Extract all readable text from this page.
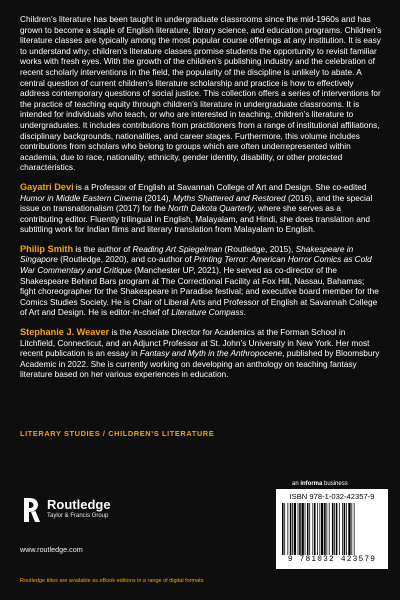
Children’s literature has been taught in undergraduate classrooms since the mid-1960s and has grown to become a staple of English literature, library science, and education programs. Children’s literature classes are typically among the most popular course offerings at any institution. It is easy to understand why; children’s literature classes promise students the opportunity to revisit familiar works with fresh eyes. With the growth of the children’s publishing industry and the celebration of recent scholarly interventions in the field, the popularity of the discipline is unlikely to abate. A central question of current children’s literature scholarship and practice is how to effectively address contemporary questions of social justice. This collection offers a series of interventions for the practice of teaching equity through children’s literature in undergraduate classrooms. It is intended for individuals who teach, or who are interested in teaching, children’s literature to undergraduates. It includes contributions from practitioners from a range of institutional affiliations, disciplinary backgrounds, nationalities, and career stages. Furthermore, this volume includes contributions from scholars who belong to groups which are often underrepresented within academia, due to race, nationality, ethnicity, gender identity, disability, or other protected characteristics.

Gayatri Devi is a Professor of English at Savannah College of Art and Design. She co-edited Humor in Middle Eastern Cinema (2014), Myths Shattered and Restored (2016), and the special issue on transnationalism (2017) for the North Dakota Quarterly, where she serves as a contributing editor. Fluently trilingual in English, Malayalam, and Hindi, she does translation and subtitling work for Indian films and literary translation from Malayalam to English.

Philip Smith is the author of Reading Art Spiegelman (Routledge, 2015), Shakespeare in Singapore (Routledge, 2020), and co-author of Printing Terror: American Horror Comics as Cold War Commentary and Critique (Manchester UP, 2021). He served as co-director of the Shakespeare Behind Bars program at The Correctional Facility at Fox Hill, Nassau, Bahamas; fight choreographer for the Shakespeare in Paradise festival; and executive board member for the Comics Studies Society. He is Chair of Liberal Arts and Professor of English at Savannah College of Art and Design. He is editor-in-chief of Literature Compass.

Stephanie J. Weaver is the Associate Director for Academics at the Forman School in Litchfield, Connecticut, and an Adjunct Professor at St. John’s University in New York. Her most recent publication is an essay in Fantasy and Myth in the Anthropocene, published by Bloomsbury Academic in 2022. She is currently working on developing an anthology on teaching fantasy literature based on her various experiences in education.

LITERARY STUDIES / CHILDREN’S LITERATURE
Routledge
Taylor & Francis Group
www.routledge.com
an informa business
ISBN 978-1-032-42357-9
9 781032 423579
Routledge titles are available as eBook editions in a range of digital formats
